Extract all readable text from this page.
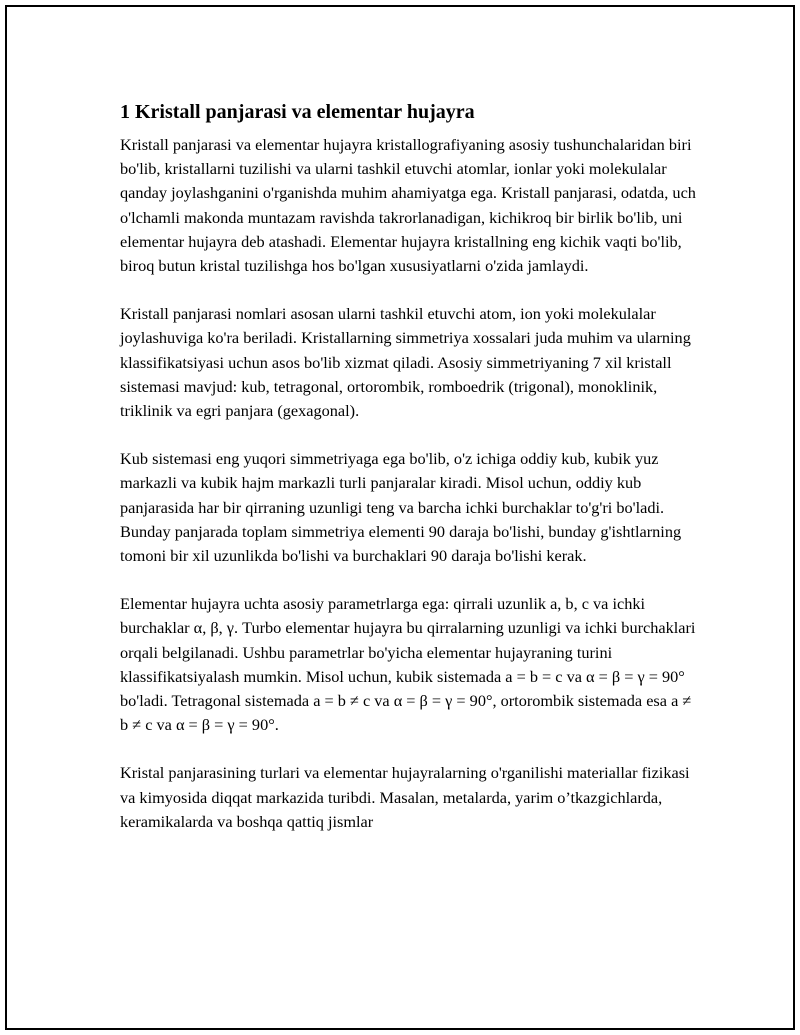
1 Kristall panjarasi va elementar hujayra

Kristall panjarasi va elementar hujayra kristallografiyaning asosiy tushunchalaridan biri bo'lib, kristallarni tuzilishi va ularni tashkil etuvchi atomlar, ionlar yoki molekulalar qanday joylashganini o'rganishda muhim ahamiyatga ega. Kristall panjarasi, odatda, uch o'lchamli makonda muntazam ravishda takrorlanadigan, kichikroq bir birlik bo'lib, uni elementar hujayra deb atashadi. Elementar hujayra kristallning eng kichik vaqti bo'lib, biroq butun kristal tuzilishga hos bo'lgan xususiyatlarni o'zida jamlaydi.

Kristall panjarasi nomlari asosan ularni tashkil etuvchi atom, ion yoki molekulalar joylashuviga ko'ra beriladi. Kristallarning simmetriya xossalari juda muhim va ularning klassifikatsiyasi uchun asos bo'lib xizmat qiladi. Asosiy simmetriyaning 7 xil kristall sistemasi mavjud: kub, tetragonal, ortorombik, romboedrik (trigonal), monoklinik, triklinik va egri panjara (gexagonal).

Kub sistemasi eng yuqori simmetriyaga ega bo'lib, o'z ichiga oddiy kub, kubik yuz markazli va kubik hajm markazli turli panjaralar kiradi. Misol uchun, oddiy kub panjarasida har bir qirraning uzunligi teng va barcha ichki burchaklar to'g'ri bo'ladi. Bunday panjarada toplam simmetriya elementi 90 daraja bo'lishi, bunday g'ishtlarning tomoni bir xil uzunlikda bo'lishi va burchaklari 90 daraja bo'lishi kerak.

Elementar hujayra uchta asosiy parametrlarga ega: qirrali uzunlik a, b, c va ichki burchaklar α, β, γ. Turbo elementar hujayra bu qirralarning uzunligi va ichki burchaklari orqali belgilanadi. Ushbu parametrlar bo'yicha elementar hujayraning turini klassifikatsiyalash mumkin. Misol uchun, kubik sistemada a = b = c va α = β = γ = 90° bo'ladi. Tetragonal sistemada a = b ≠ c va α = β = γ = 90°, ortorombik sistemada esa a ≠ b ≠ c va α = β = γ = 90°.

Kristal panjarasining turlari va elementar hujayralarning o'rganilishi materiallar fizikasi va kimyosida diqqat markazida turibdi. Masalan, metalarda, yarim o’tkazgichlarda, keramikalarda va boshqa qattiq jismlar
